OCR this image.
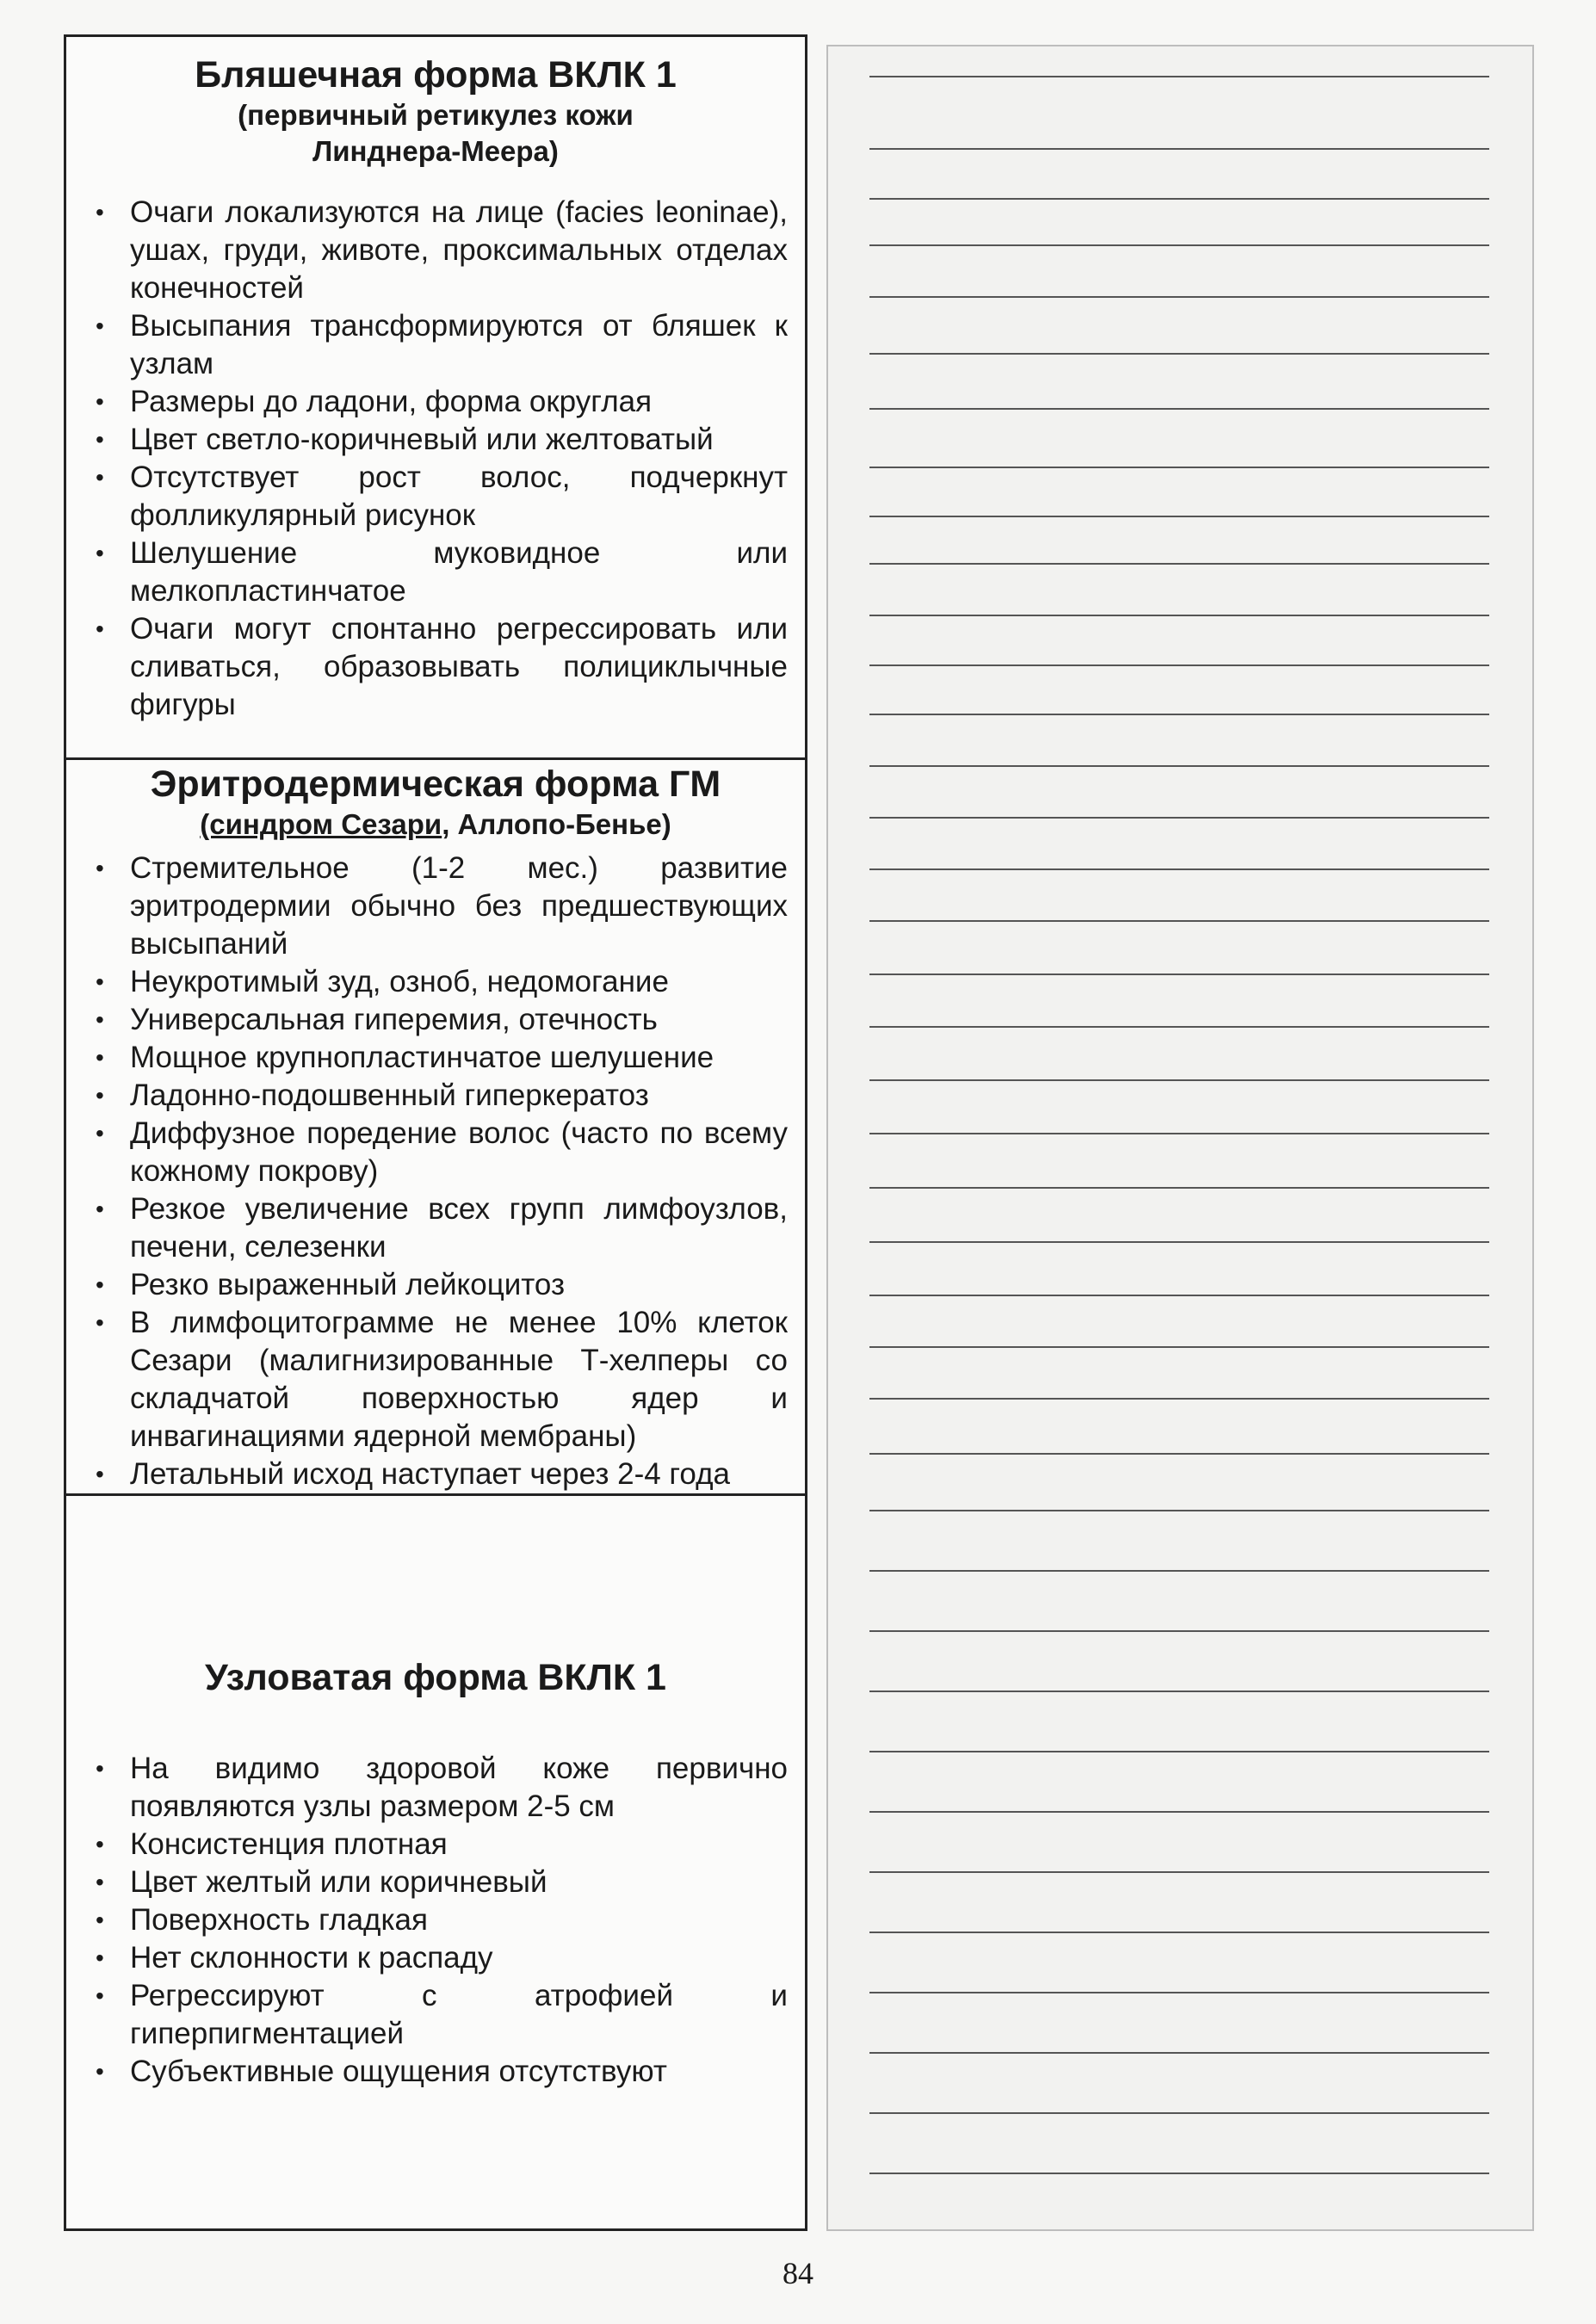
Бляшечная форма ВКЛК 1

(первичный ретикулез кожи

Линднера-Меера)

• Очаги локализуются на лице (facies leoninae), ушах, груди, животе, проксимальных отделах конечностей
• Высыпания трансформируются от бляшек к узлам
• Размеры до ладони, форма округлая
• Цвет светло-коричневый или желтоватый
• Отсутствует рост волос, подчеркнут фолликулярный рисунок
• Шелушение муковидное или мелкопластинчатое
• Очаги могут спонтанно регрессировать или сливаться, образовывать полициклычные фигуры
Эритродермическая форма ГМ

(синдром Сезари, Аллопо-Бенье)

• Стремительное (1-2 мес.) развитие эритродермии обычно без предшествующих высыпаний
• Неукротимый зуд, озноб, недомогание
• Универсальная гиперемия, отечность
• Мощное крупнопластинчатое шелушение
• Ладонно-подошвенный гиперкератоз
• Диффузное поредение волос (часто по всему кожному покрову)
• Резкое увеличение всех групп лимфоузлов, печени, селезенки
• Резко выраженный лейкоцитоз
• В лимфоцитограмме не менее 10% клеток Сезари (малигнизированные Т-хелперы со складчатой поверхностью ядер и инвагинациями ядерной мембраны)
• Летальный исход наступает через 2-4 года
Узловатая форма ВКЛК 1
• На видимо здоровой коже первично появляются узлы размером 2-5 см
• Консистенция плотная
• Цвет желтый или коричневый
• Поверхность гладкая
• Нет склонности к распаду
• Регрессируют с атрофией и гиперпигментацией
• Субъективные ощущения отсутствуют
84
